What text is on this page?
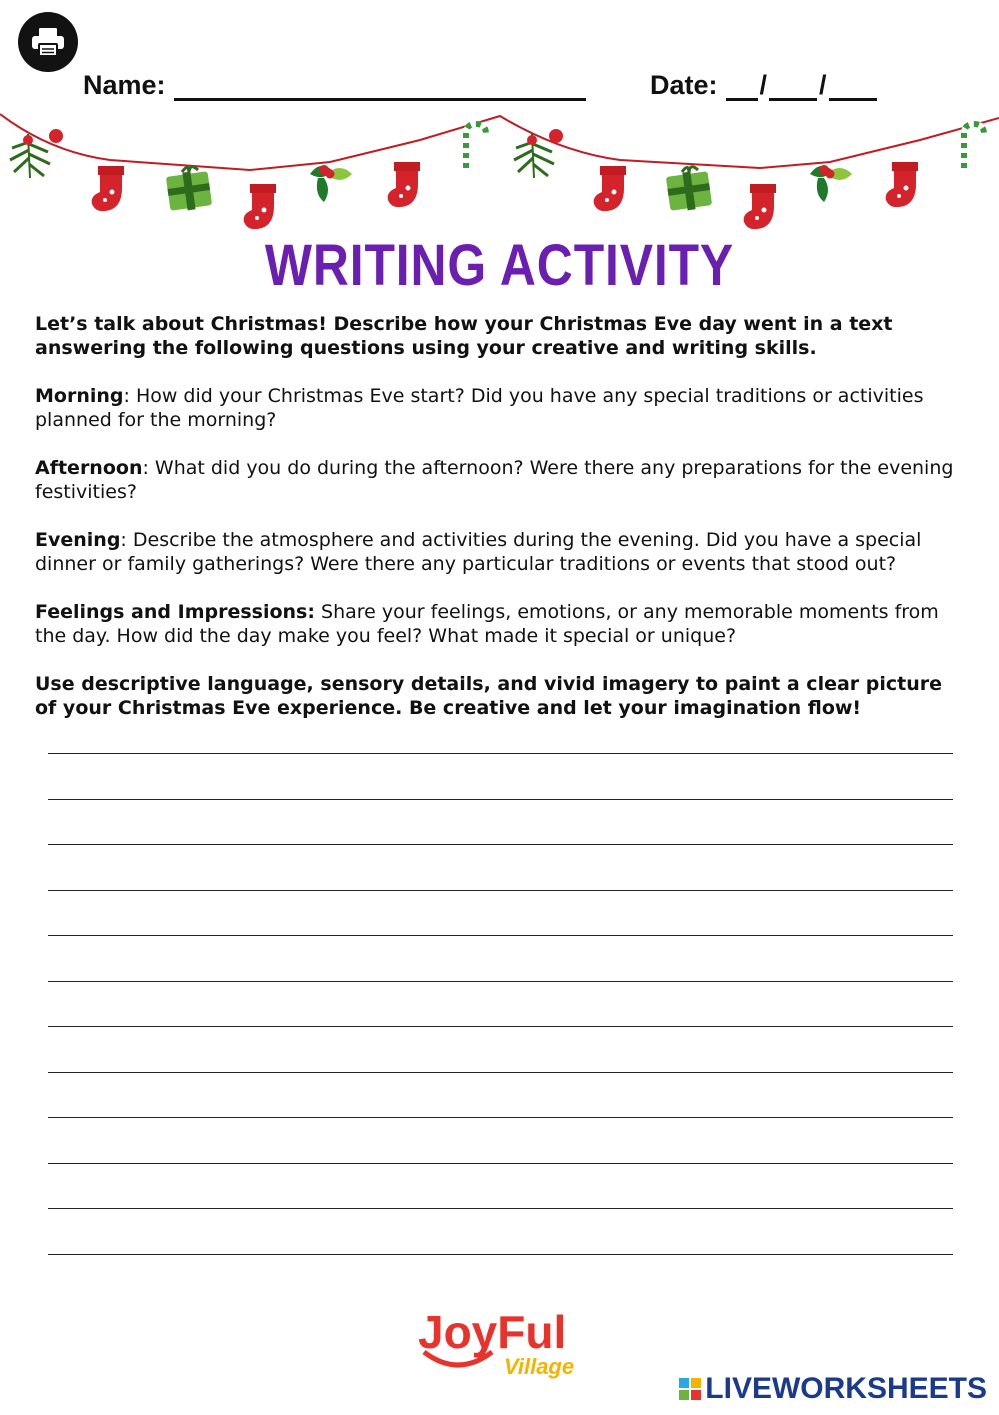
Name:	Date: / /
WRITING ACTIVITY

Let’s talk about Christmas! Describe how your Christmas Eve day went in a text answering the following questions using your creative and writing skills.

Morning: How did your Christmas Eve start? Did you have any special traditions or activities planned for the morning?

Afternoon: What did you do during the afternoon? Were there any preparations for the evening festivities?

Evening: Describe the atmosphere and activities during the evening. Did you have a special dinner or family gatherings? Were there any particular traditions or events that stood out?

Feelings and Impressions: Share your feelings, emotions, or any memorable moments from the day. How did the day make you feel? What made it special or unique?

Use descriptive language, sensory details, and vivid imagery to paint a clear picture of your Christmas Eve experience. Be creative and let your imagination flow!

JoyFul
Village
LIVEWORKSHEETS
